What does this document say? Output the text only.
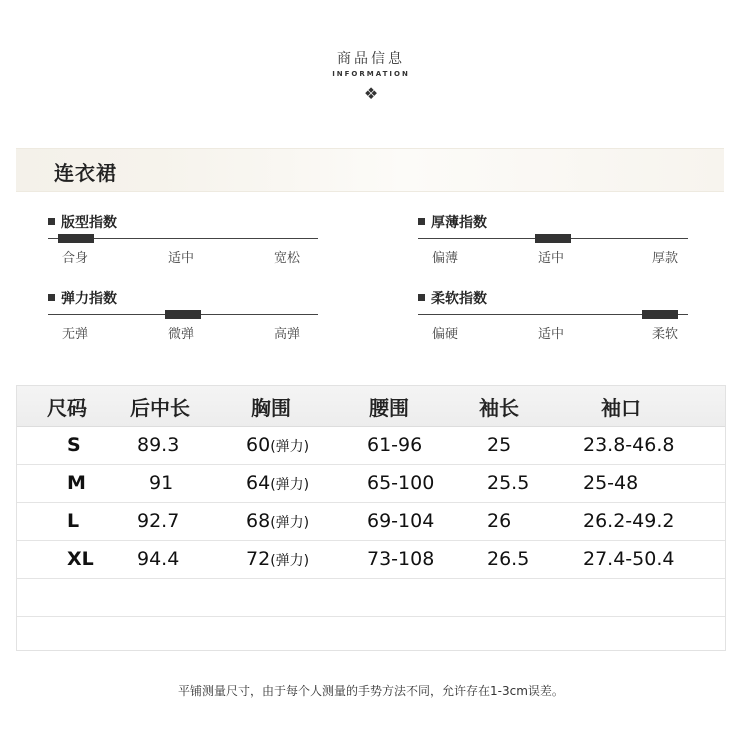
商品信息
INFORMATION
❖
连衣裙
版型指数
合身	适中	宽松
厚薄指数
偏薄	适中	厚款
弹力指数
无弹	微弹	高弹
柔软指数
偏硬	适中	柔软
尺码 后中长	胸围	腰围	袖长	袖口
S	89.3	60(弹力)	61-96	25	23.8-46.8
M	91	64(弹力)	65-100	25.5	25-48
L	92.7	68(弹力)	69-104	26	26.2-49.2
XL 94.4	72(弹力)	73-108	26.5	27.4-50.4
平铺测量尺寸，由于每个人测量的手势方法不同，允许存在1-3cm误差。
